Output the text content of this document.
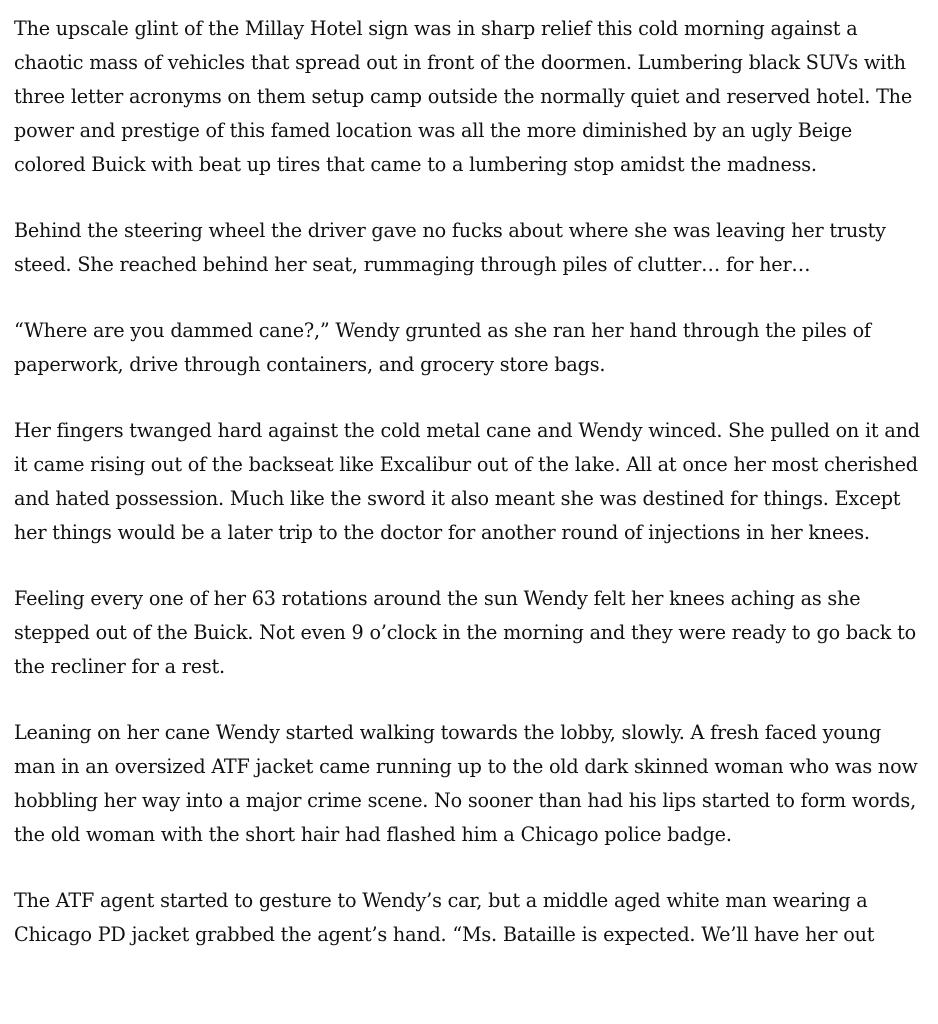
The upscale glint of the Millay Hotel sign was in sharp relief this cold morning against a chaotic mass of vehicles that spread out in front of the doormen. Lumbering black SUVs with three letter acronyms on them setup camp outside the normally quiet and reserved hotel. The power and prestige of this famed location was all the more diminished by an ugly Beige colored Buick with beat up tires that came to a lumbering stop amidst the madness.

Behind the steering wheel the driver gave no fucks about where she was leaving her trusty steed. She reached behind her seat, rummaging through piles of clutter… for her…

“Where are you dammed cane?,” Wendy grunted as she ran her hand through the piles of paperwork, drive through containers, and grocery store bags.

Her fingers twanged hard against the cold metal cane and Wendy winced. She pulled on it and it came rising out of the backseat like Excalibur out of the lake. All at once her most cherished and hated possession. Much like the sword it also meant she was destined for things. Except her things would be a later trip to the doctor for another round of injections in her knees.

Feeling every one of her 63 rotations around the sun Wendy felt her knees aching as she stepped out of the Buick. Not even 9 o’clock in the morning and they were ready to go back to the recliner for a rest.

Leaning on her cane Wendy started walking towards the lobby, slowly. A fresh faced young man in an oversized ATF jacket came running up to the old dark skinned woman who was now hobbling her way into a major crime scene. No sooner than had his lips started to form words, the old woman with the short hair had flashed him a Chicago police badge.

The ATF agent started to gesture to Wendy’s car, but a middle aged white man wearing a Chicago PD jacket grabbed the agent’s hand. “Ms. Bataille is expected. We’ll have her out
